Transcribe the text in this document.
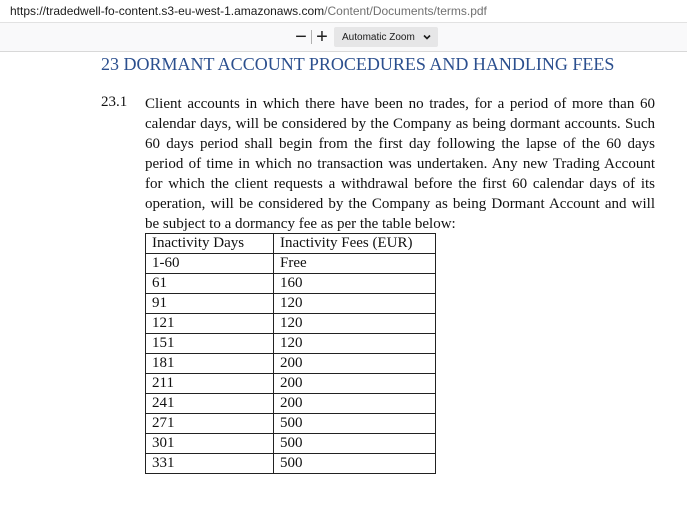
https://tradedwell-fo-content.s3-eu-west-1.amazonaws.com /Content/Documents/terms.pdf
− +	Automatic Zoom
23 DORMANT ACCOUNT PROCEDURES AND HANDLING FEES
23.1 Client accounts in which there have been no trades, for a period of more than 60 calendar days, will be considered by the Company as being dormant accounts. Such 60 days period shall begin from the first day following the lapse of the 60 days period of time in which no transaction was undertaken. Any new Trading Account for which the client requests a withdrawal before the first 60 calendar days of its operation, will be considered by the Company as being Dormant Account and will be subject to a dormancy fee as per the table below:

Inactivity Days	Inactivity Fees (EUR)
1-60	Free
61	160
91	120
121	120
151	120
181	200
211	200
241	200
271	500
301	500
331	500
